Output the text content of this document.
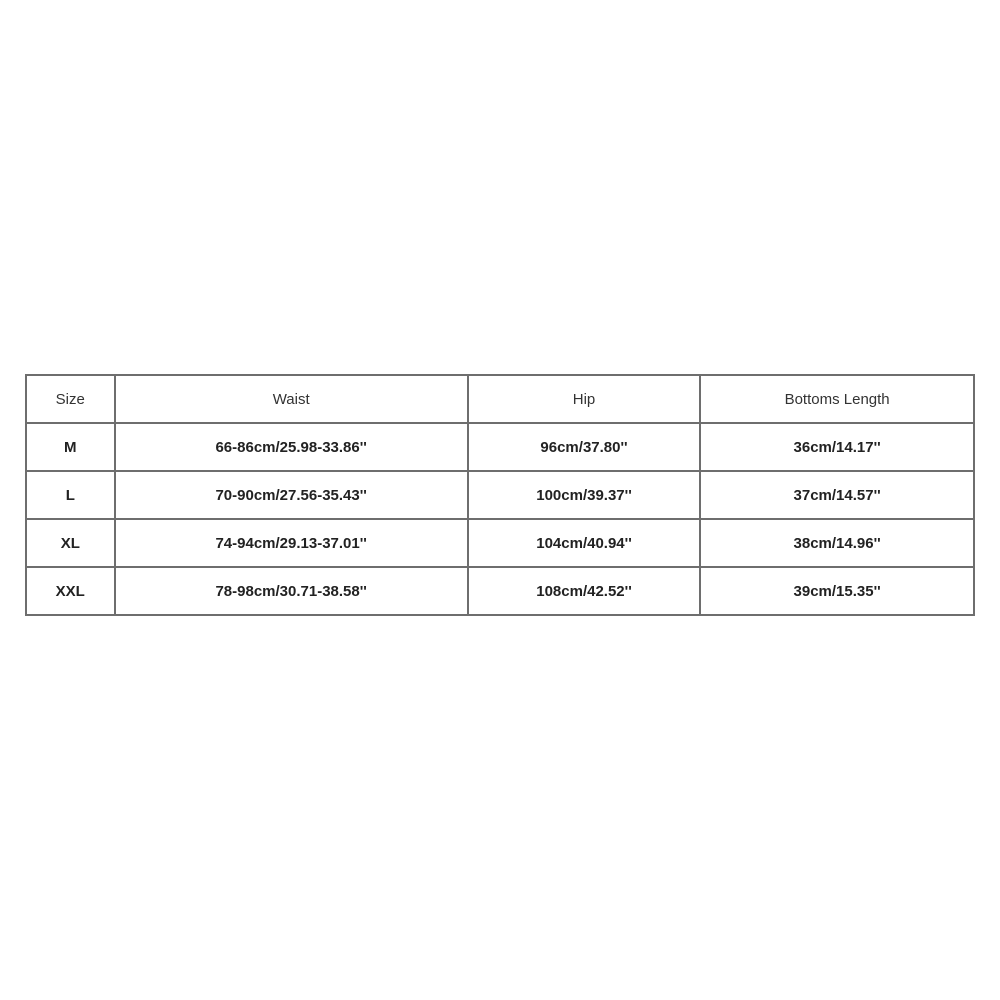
Size	Waist	Hip	Bottoms Length
M	66-86cm/25.98-33.86''	96cm/37.80''	36cm/14.17''
L	70-90cm/27.56-35.43''	100cm/39.37''	37cm/14.57''
XL	74-94cm/29.13-37.01''	104cm/40.94''	38cm/14.96''
XXL	78-98cm/30.71-38.58''	108cm/42.52''	39cm/15.35''
